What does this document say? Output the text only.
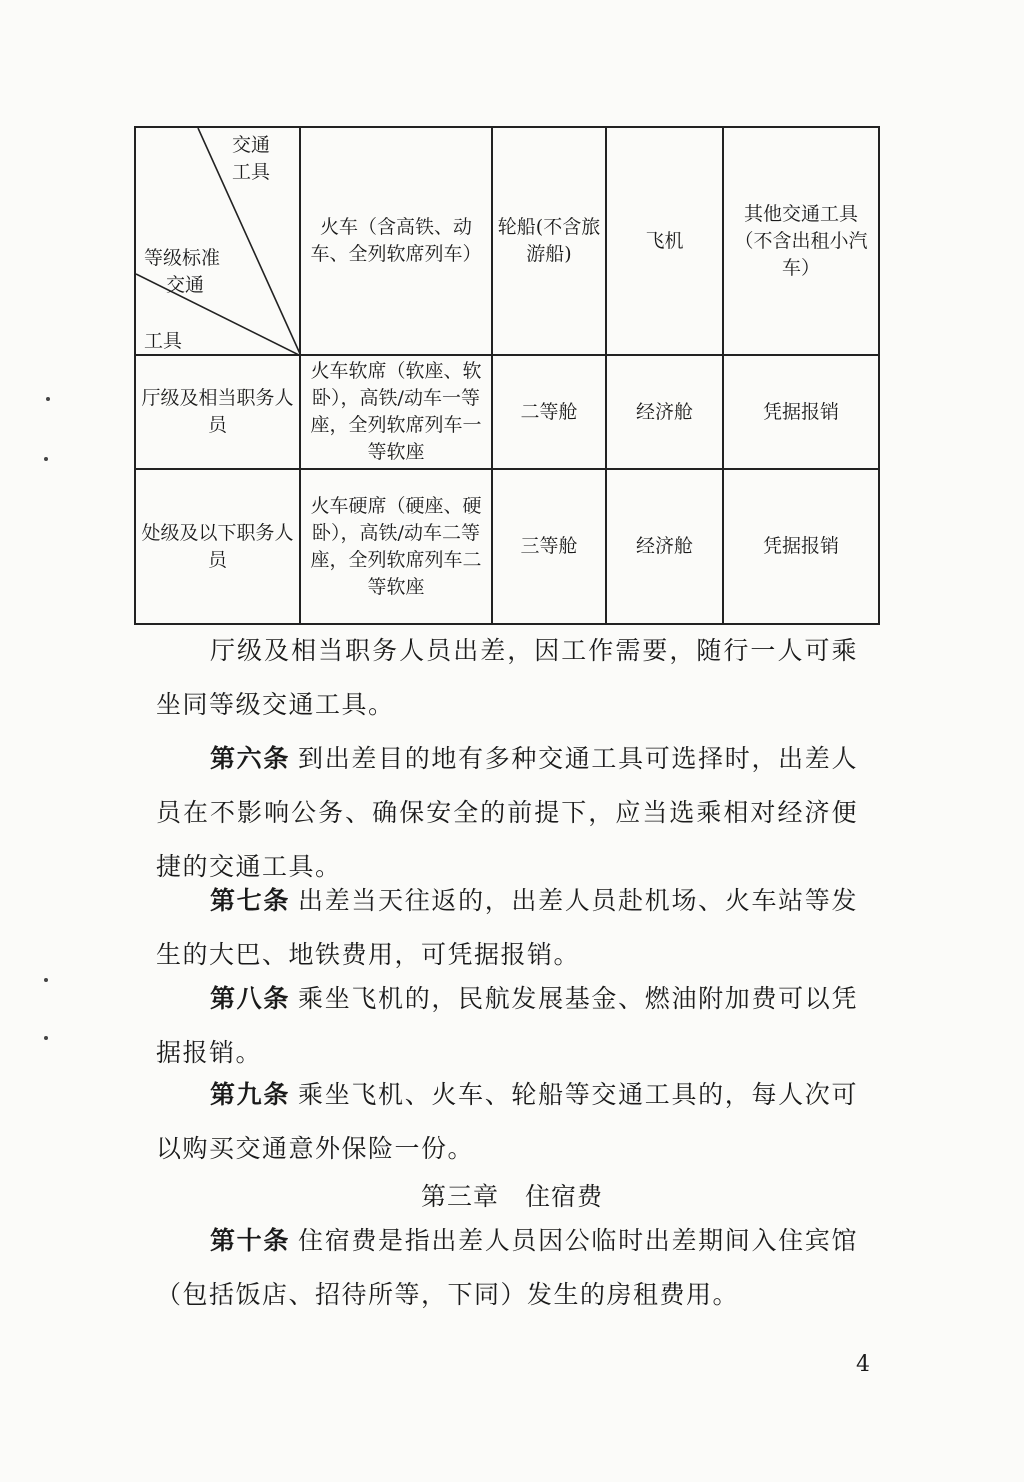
交通
工具
等级标准
交通
工具	火车（含高铁、动车、全列软席列车）	轮船(不含旅游船)	飞机	其他交通工具（不含出租小汽车）
厅级及相当职务人员	火车软席（软座、软卧），高铁/动车一等座，全列软席列车一等软座	二等舱	经济舱	凭据报销
处级及以下职务人员	火车硬席（硬座、硬卧），高铁/动车二等座，全列软席列车二等软座	三等舱	经济舱	凭据报销

厅级及相当职务人员出差，因工作需要，随行一人可乘坐同等级交通工具。

第六条 到出差目的地有多种交通工具可选择时，出差人员在不影响公务、确保安全的前提下，应当选乘相对经济便捷的交通工具。

第七条 出差当天往返的，出差人员赴机场、火车站等发生的大巴、地铁费用，可凭据报销。

第八条 乘坐飞机的，民航发展基金、燃油附加费可以凭据报销。

第九条 乘坐飞机、火车、轮船等交通工具的，每人次可以购买交通意外保险一份。

第三章　住宿费

第十条 住宿费是指出差人员因公临时出差期间入住宾馆（包括饭店、招待所等，下同）发生的房租费用。

4
